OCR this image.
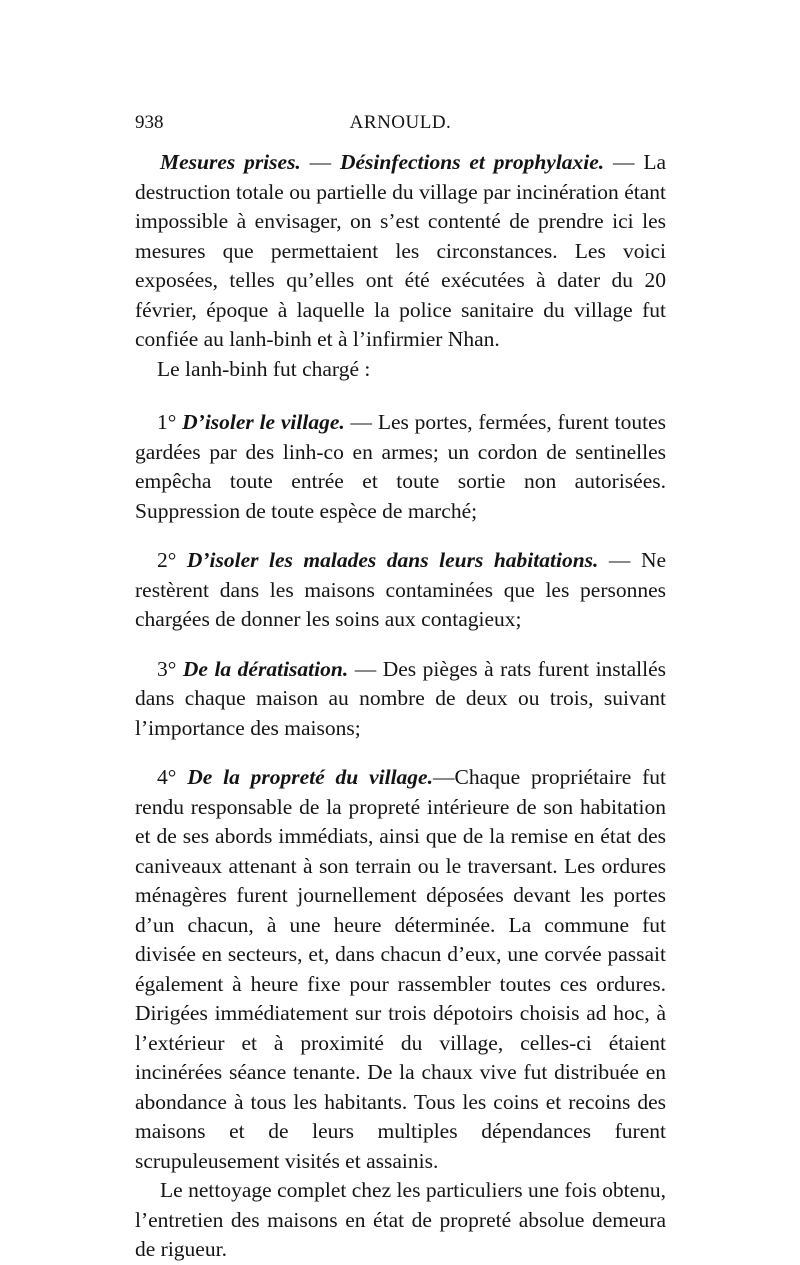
938	ARNOULD.

Mesures prises. — Désinfections et prophylaxie. — La destruction totale ou partielle du village par incinération étant impossible à envisager, on s’est contenté de prendre ici les mesures que permettaient les circonstances. Les voici exposées, telles qu’elles ont été exécutées à dater du 20 février, époque à laquelle la police sanitaire du village fut confiée au lanh-binh et à l’infirmier Nhan.

Le lanh-binh fut chargé :

1° D’isoler le village. — Les portes, fermées, furent toutes gardées par des linh-co en armes; un cordon de sentinelles empêcha toute entrée et toute sortie non autorisées. Suppression de toute espèce de marché;

2° D’isoler les malades dans leurs habitations. — Ne restèrent dans les maisons contaminées que les personnes chargées de donner les soins aux contagieux;

3° De la dératisation. — Des pièges à rats furent installés dans chaque maison au nombre de deux ou trois, suivant l’importance des maisons;

4° De la propreté du village.—Chaque propriétaire fut rendu responsable de la propreté intérieure de son habitation et de ses abords immédiats, ainsi que de la remise en état des caniveaux attenant à son terrain ou le traversant. Les ordures ménagères furent journellement déposées devant les portes d’un chacun, à une heure déterminée. La commune fut divisée en secteurs, et, dans chacun d’eux, une corvée passait également à heure fixe pour rassembler toutes ces ordures. Dirigées immédiatement sur trois dépotoirs choisis ad hoc, à l’extérieur et à proximité du village, celles-ci étaient incinérées séance tenante. De la chaux vive fut distribuée en abondance à tous les habitants. Tous les coins et recoins des maisons et de leurs multiples dépendances furent scrupuleusement visités et assainis.

Le nettoyage complet chez les particuliers une fois obtenu, l’entretien des maisons en état de propreté absolue demeura de rigueur.
